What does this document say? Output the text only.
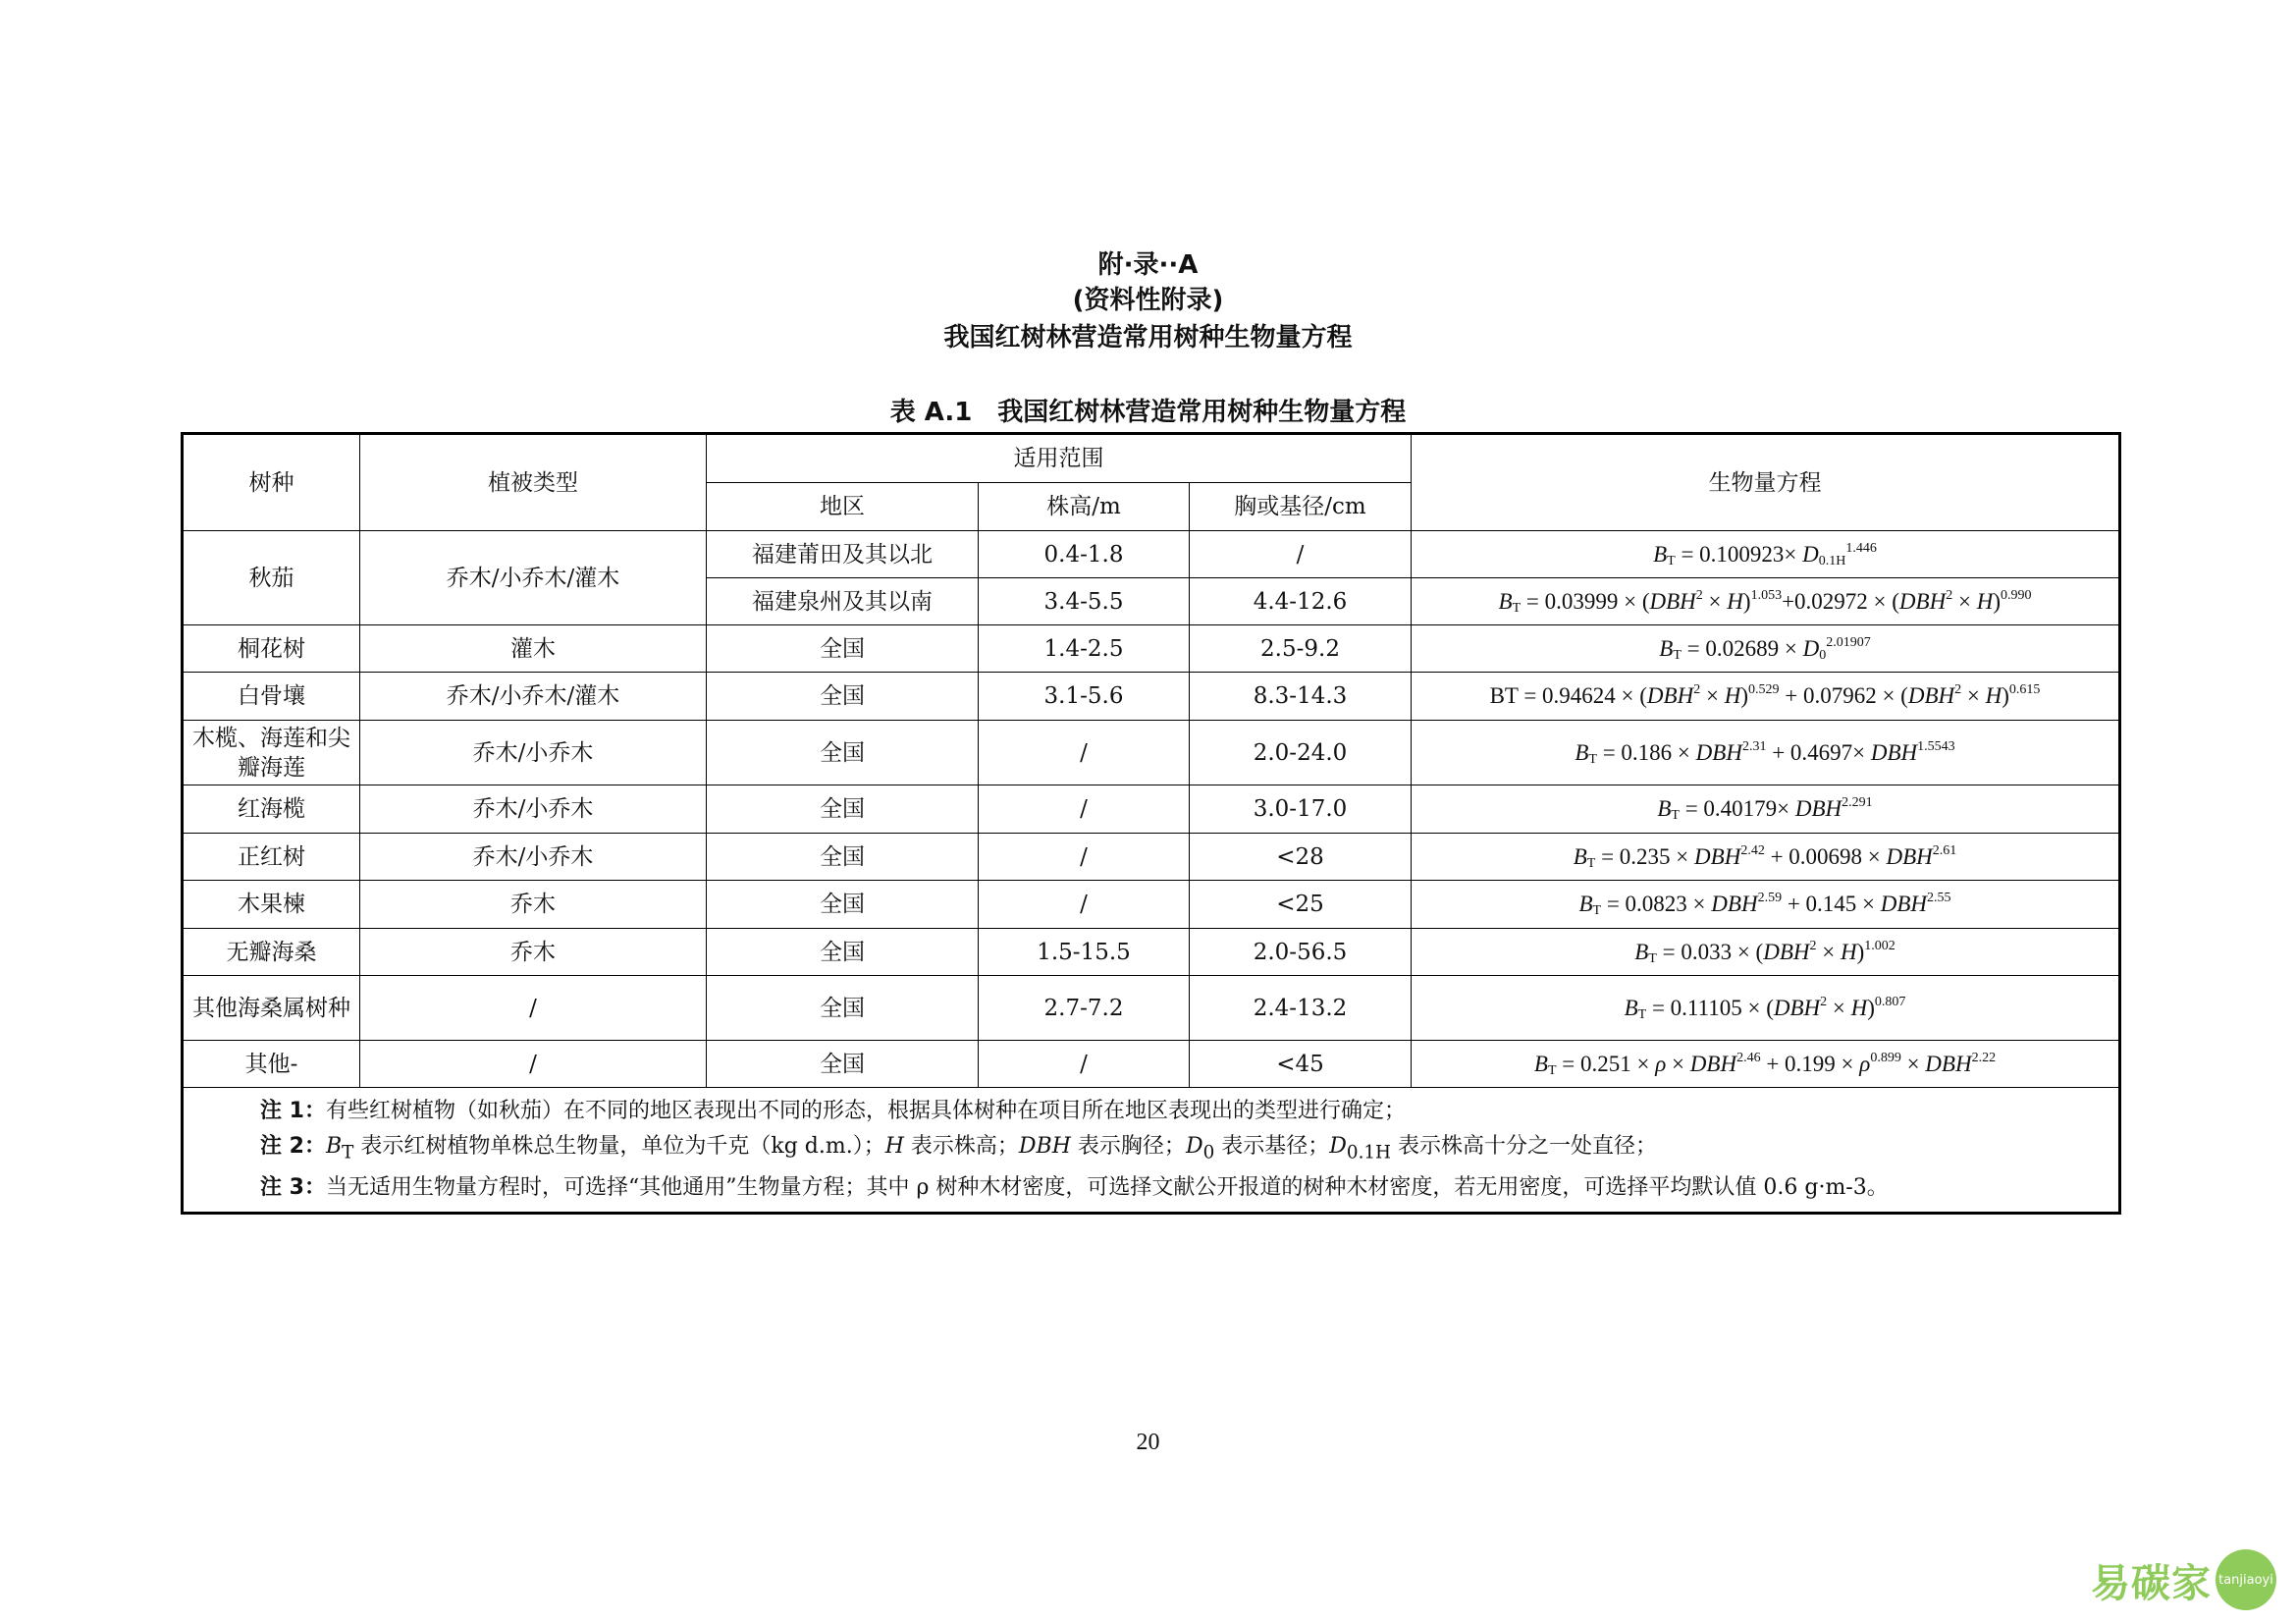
附·录··A
(资料性附录)
我国红树林营造常用树种生物量方程
表 A.1　我国红树林营造常用树种生物量方程
树种	植被类型	适用范围			生物量方程
		地区	株高/m	胸或基径/cm	
秋茄	乔木/小乔木/灌木	福建莆田及其以北	0.4-1.8	/	$B_T = 0.100923\times D_{0.1H}^{1.446}$
		福建泉州及其以南	3.4-5.5	4.4-12.6	$B_T = 0.03999 \times (DBH^2 \times H)^{1.053}+0.02972 \times (DBH^2 \times H)^{0.990}$
桐花树	灌木	全国	1.4-2.5	2.5-9.2	$B_T = 0.02689 \times D_0^{2.01907}$
白骨壤	乔木/小乔木/灌木	全国	3.1-5.6	8.3-14.3	BT = $0.94624 \times (DBH^2 \times H)^{0.529} + 0.07962 \times (DBH^2 \times H)^{0.615}$
木榄、海莲和尖瓣海莲	乔木/小乔木	全国	/	2.0-24.0	$B_T = 0.186 \times DBH^{2.31} + 0.4697\times DBH^{1.5543}$
红海榄	乔木/小乔木	全国	/	3.0-17.0	$B_T = 0.40179\times DBH^{2.291}$
正红树	乔木/小乔木	全国	/	<28	$B_T = 0.235 \times DBH^{2.42} + 0.00698 \times DBH^{2.61}$
木果楝	乔木	全国	/	<25	$B_T = 0.0823 \times DBH^{2.59} + 0.145 \times DBH^{2.55}$
无瓣海桑	乔木	全国	1.5-15.5	2.0-56.5	$B_T = 0.033 \times (DBH^2 \times H)^{1.002}$
其他海桑属树种	/	全国	2.7-7.2	2.4-13.2	$B_T = 0.11105 \times (DBH^2 \times H)^{0.807}$
其他-	/	全国	/	<45	$B_T = 0.251 \times \rho \times DBH^{2.46} + 0.199 \times \rho^{0.899} \times DBH^{2.22}$

注 1：有些红树植物（如秋茄）在不同的地区表现出不同的形态，根据具体树种在项目所在地区表现出的类型进行确定；
注 2：$B_T$ 表示红树植物单株总生物量，单位为千克（kg d.m.）；H 表示株高；DBH 表示胸径；$D_0$ 表示基径；$D_{0.1H}$ 表示株高十分之一处直径；
注 3：当无适用生物量方程时，可选择“其他通用”生物量方程；其中 ρ 树种木材密度，可选择文献公开报道的树种木材密度，若无用密度，可选择平均默认值 0.6 g·m-3。					
20
易碳家 tanjiaoyi
